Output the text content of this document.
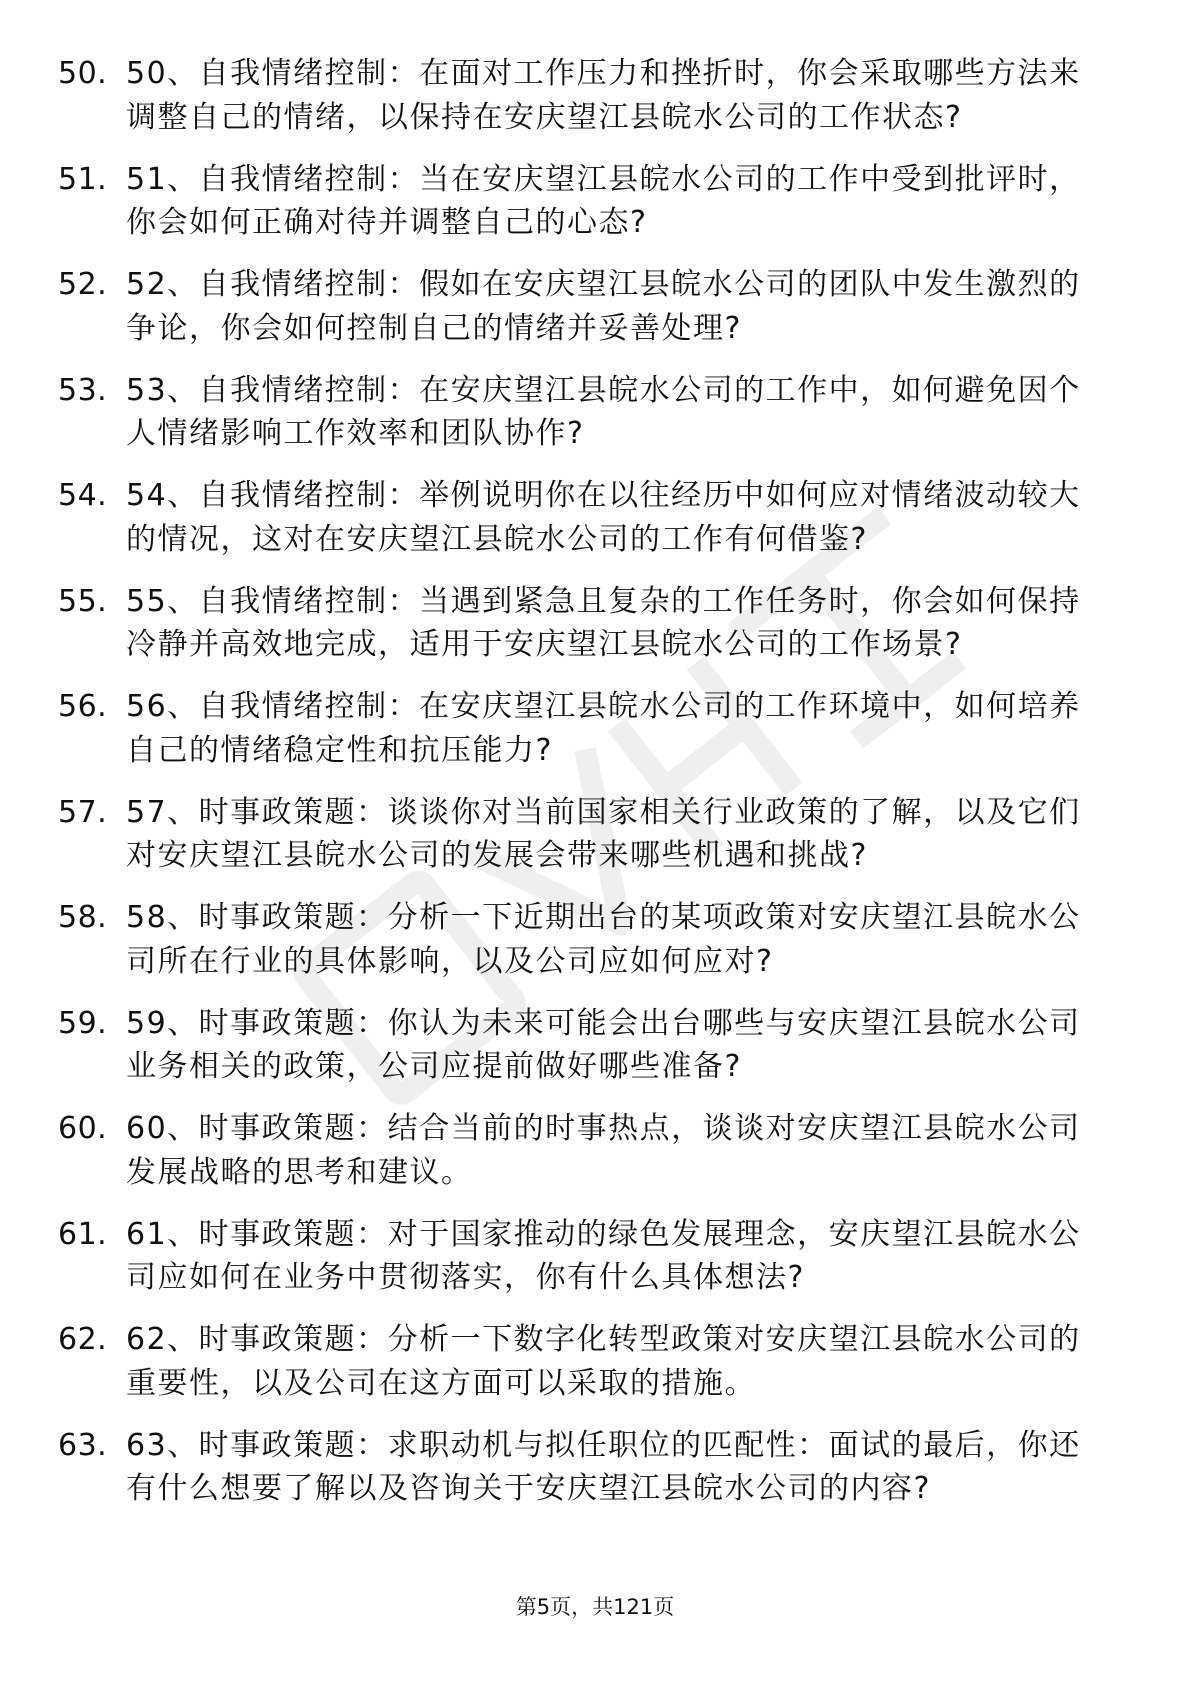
50. 50、自我情绪控制：在面对工作压力和挫折时，你会采取哪些方法来调整自己的情绪，以保持在安庆望江县皖水公司的工作状态?
51. 51、自我情绪控制：当在安庆望江县皖水公司的工作中受到批评时，你会如何正确对待并调整自己的心态?
52. 52、自我情绪控制：假如在安庆望江县皖水公司的团队中发生激烈的争论，你会如何控制自己的情绪并妥善处理?
53. 53、自我情绪控制：在安庆望江县皖水公司的工作中，如何避免因个人情绪影响工作效率和团队协作?
54. 54、自我情绪控制：举例说明你在以往经历中如何应对情绪波动较大的情况，这对在安庆望江县皖水公司的工作有何借鉴?
55. 55、自我情绪控制：当遇到紧急且复杂的工作任务时，你会如何保持冷静并高效地完成，适用于安庆望江县皖水公司的工作场景?
56. 56、自我情绪控制：在安庆望江县皖水公司的工作环境中，如何培养自己的情绪稳定性和抗压能力?
57. 57、时事政策题：谈谈你对当前国家相关行业政策的了解，以及它们对安庆望江县皖水公司的发展会带来哪些机遇和挑战?
58. 58、时事政策题：分析一下近期出台的某项政策对安庆望江县皖水公司所在行业的具体影响，以及公司应如何应对?
59. 59、时事政策题：你认为未来可能会出台哪些与安庆望江县皖水公司业务相关的政策，公司应提前做好哪些准备?
60. 60、时事政策题：结合当前的时事热点，谈谈对安庆望江县皖水公司发展战略的思考和建议。
61. 61、时事政策题：对于国家推动的绿色发展理念，安庆望江县皖水公司应如何在业务中贯彻落实，你有什么具体想法?
62. 62、时事政策题：分析一下数字化转型政策对安庆望江县皖水公司的重要性，以及公司在这方面可以采取的措施。
63. 63、时事政策题：求职动机与拟任职位的匹配性：面试的最后，你还有什么想要了解以及咨询关于安庆望江县皖水公司的内容?
第5页，共121页
